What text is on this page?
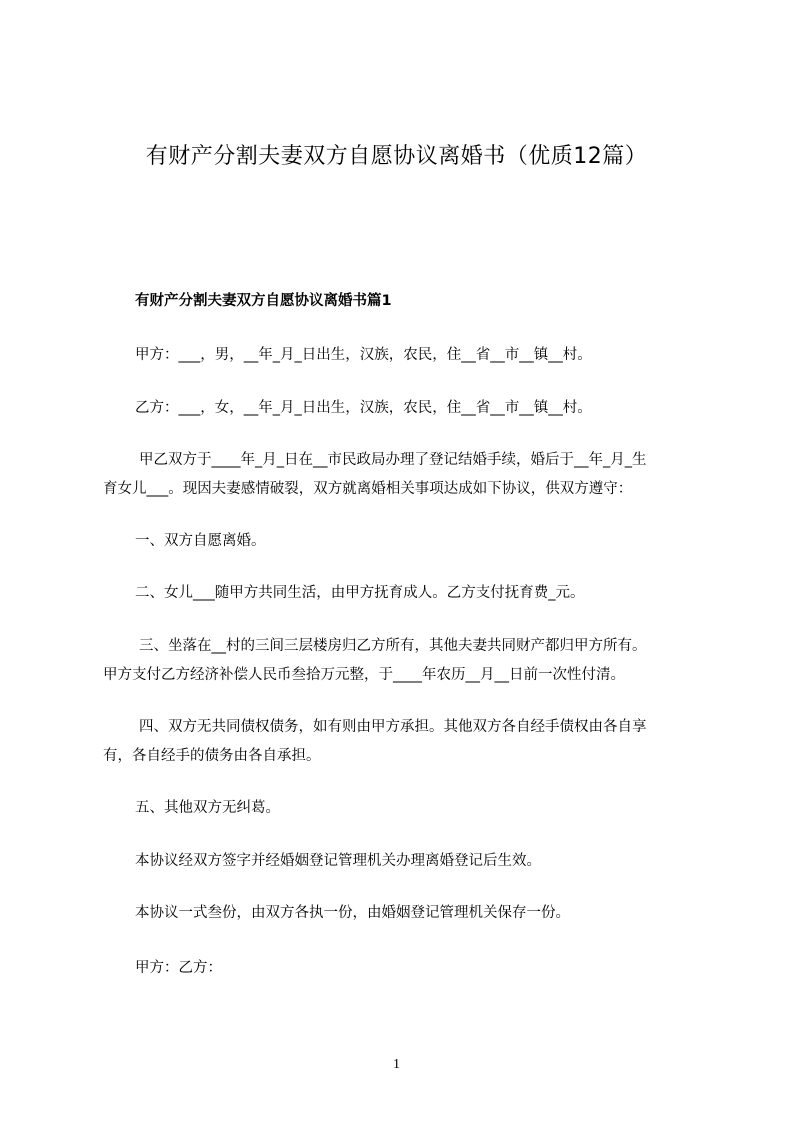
有财产分割夫妻双方自愿协议离婚书（优质12篇）
有财产分割夫妻双方自愿协议离婚书篇1
甲方：___，男，__年_月_日出生，汉族，农民，住__省__市__镇__村。
乙方：___，女，__年_月_日出生，汉族，农民，住__省__市__镇__村。
甲乙双方于____年_月_日在__市民政局办理了登记结婚手续，婚后于__年_月_生
育女儿___。现因夫妻感情破裂，双方就离婚相关事项达成如下协议，供双方遵守：
一、双方自愿离婚。
二、女儿___随甲方共同生活，由甲方抚育成人。乙方支付抚育费_元。
三、坐落在__村的三间三层楼房归乙方所有，其他夫妻共同财产都归甲方所有。
甲方支付乙方经济补偿人民币叁拾万元整，于____年农历__月__日前一次性付清。
四、双方无共同债权债务，如有则由甲方承担。其他双方各自经手债权由各自享
有，各自经手的债务由各自承担。
五、其他双方无纠葛。
本协议经双方签字并经婚姻登记管理机关办理离婚登记后生效。
本协议一式叁份，由双方各执一份，由婚姻登记管理机关保存一份。
甲方：乙方：
1
